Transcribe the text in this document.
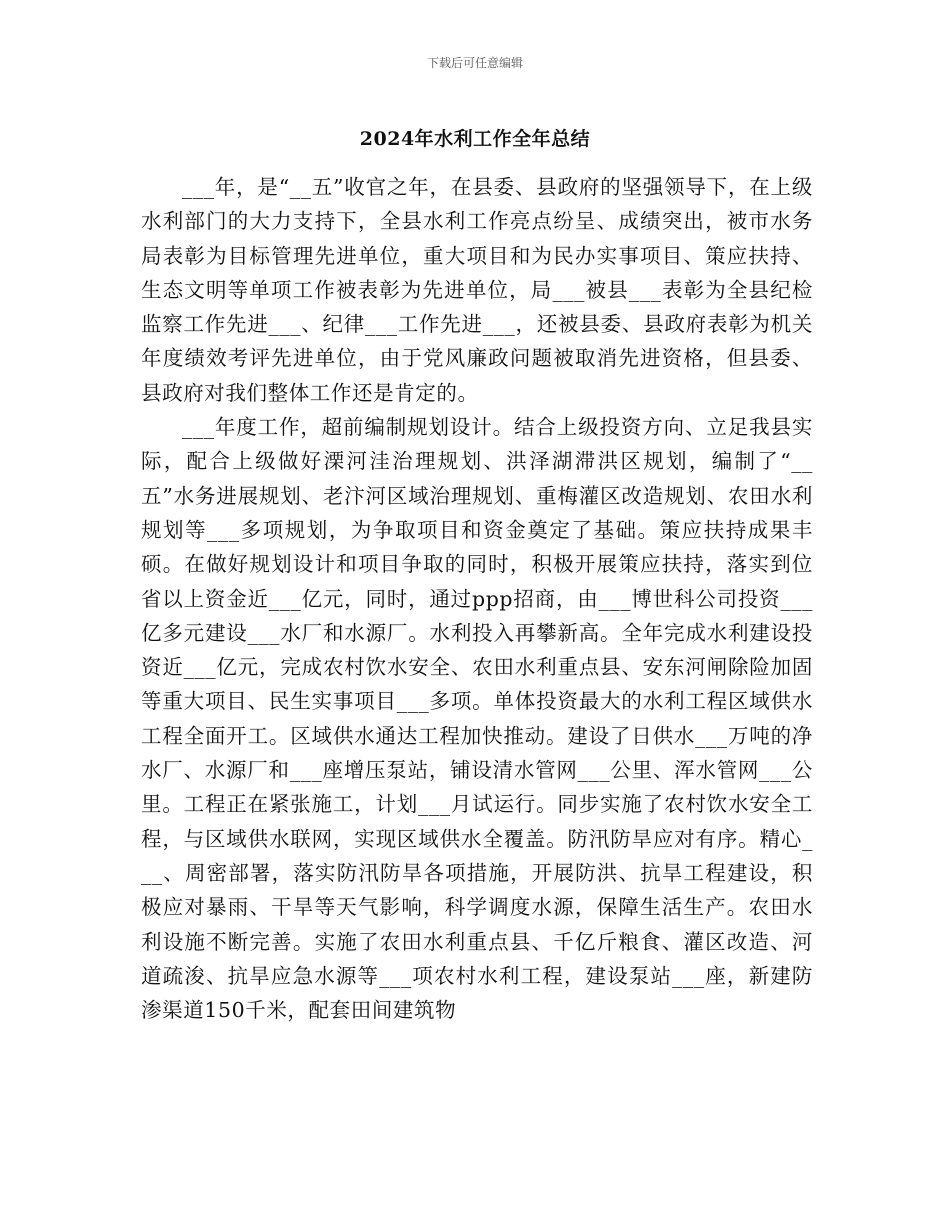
下载后可任意编辑
2024年水利工作全年总结

___年，是“__五”收官之年，在县委、县政府的坚强领导下，在上级水利部门的大力支持下，全县水利工作亮点纷呈、成绩突出，被市水务局表彰为目标管理先进单位，重大项目和为民办实事项目、策应扶持、生态文明等单项工作被表彰为先进单位，局___被县___表彰为全县纪检监察工作先进___、纪律___工作先进___，还被县委、县政府表彰为机关年度绩效考评先进单位，由于党风廉政问题被取消先进资格，但县委、县政府对我们整体工作还是肯定的。

___年度工作，超前编制规划设计。结合上级投资方向、立足我县实际，配合上级做好溧河洼治理规划、洪泽湖滞洪区规划，编制了“__五”水务进展规划、老汴河区域治理规划、重梅灌区改造规划、农田水利规划等___多项规划，为争取项目和资金奠定了基础。策应扶持成果丰硕。在做好规划设计和项目争取的同时，积极开展策应扶持，落实到位省以上资金近___亿元，同时，通过ppp招商，由___博世科公司投资___亿多元建设___水厂和水源厂。水利投入再攀新高。全年完成水利建设投资近___亿元，完成农村饮水安全、农田水利重点县、安东河闸除险加固等重大项目、民生实事项目___多项。单体投资最大的水利工程区域供水工程全面开工。区域供水通达工程加快推动。建设了日供水___万吨的净水厂、水源厂和___座增压泵站，铺设清水管网___公里、浑水管网___公里。工程正在紧张施工，计划___月试运行。同步实施了农村饮水安全工程，与区域供水联网，实现区域供水全覆盖。防汛防旱应对有序。精心___、周密部署，落实防汛防旱各项措施，开展防洪、抗旱工程建设，积极应对暴雨、干旱等天气影响，科学调度水源，保障生活生产。农田水利设施不断完善。实施了农田水利重点县、千亿斤粮食、灌区改造、河道疏浚、抗旱应急水源等___项农村水利工程，建设泵站___座，新建防渗渠道150千米，配套田间建筑物
